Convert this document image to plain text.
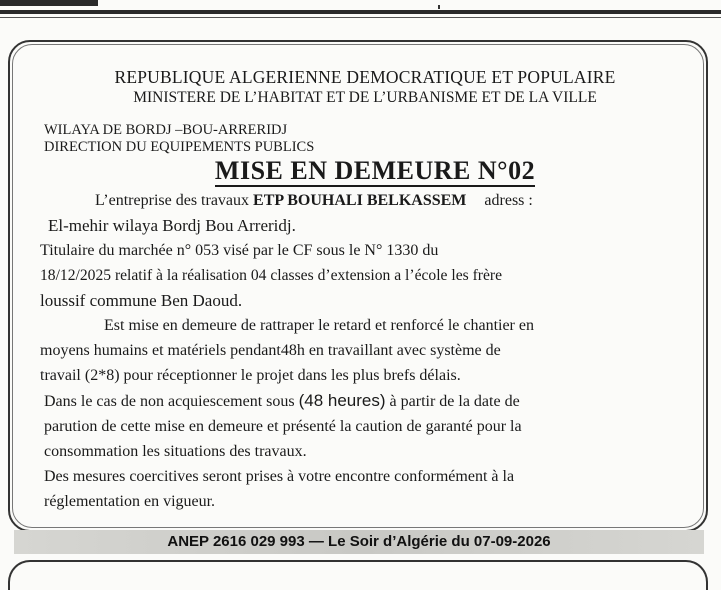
REPUBLIQUE ALGERIENNE DEMOCRATIQUE ET POPULAIRE

MINISTERE DE L’HABITAT ET DE L’URBANISME ET DE LA VILLE

WILAYA DE BORDJ –BOU-ARRERIDJ

DIRECTION DU EQUIPEMENTS PUBLICS

MISE EN DEMEURE N°02

L’entreprise des travaux ETP BOUHALI BELKASSEM adress :

El-mehir wilaya Bordj Bou Arreridj.

Titulaire du marchée n° 053 visé par le CF sous le N° 1330 du

18/12/2025 relatif à la réalisation 04 classes d’extension a l’école les frère

loussif commune Ben Daoud.

Est mise en demeure de rattraper le retard et renforcé le chantier en

moyens humains et matériels pendant48h en travaillant avec système de

travail (2*8) pour réceptionner le projet dans les plus brefs délais.

Dans le cas de non acquiescement sous (48 heures) à partir de la date de

parution de cette mise en demeure et présenté la caution de garanté pour la

consommation les situations des travaux.

Des mesures coercitives seront prises à votre encontre conformément à la

réglementation en vigueur.

ANEP 2616 029 993 — Le Soir d’Algérie du 07-09-2026
